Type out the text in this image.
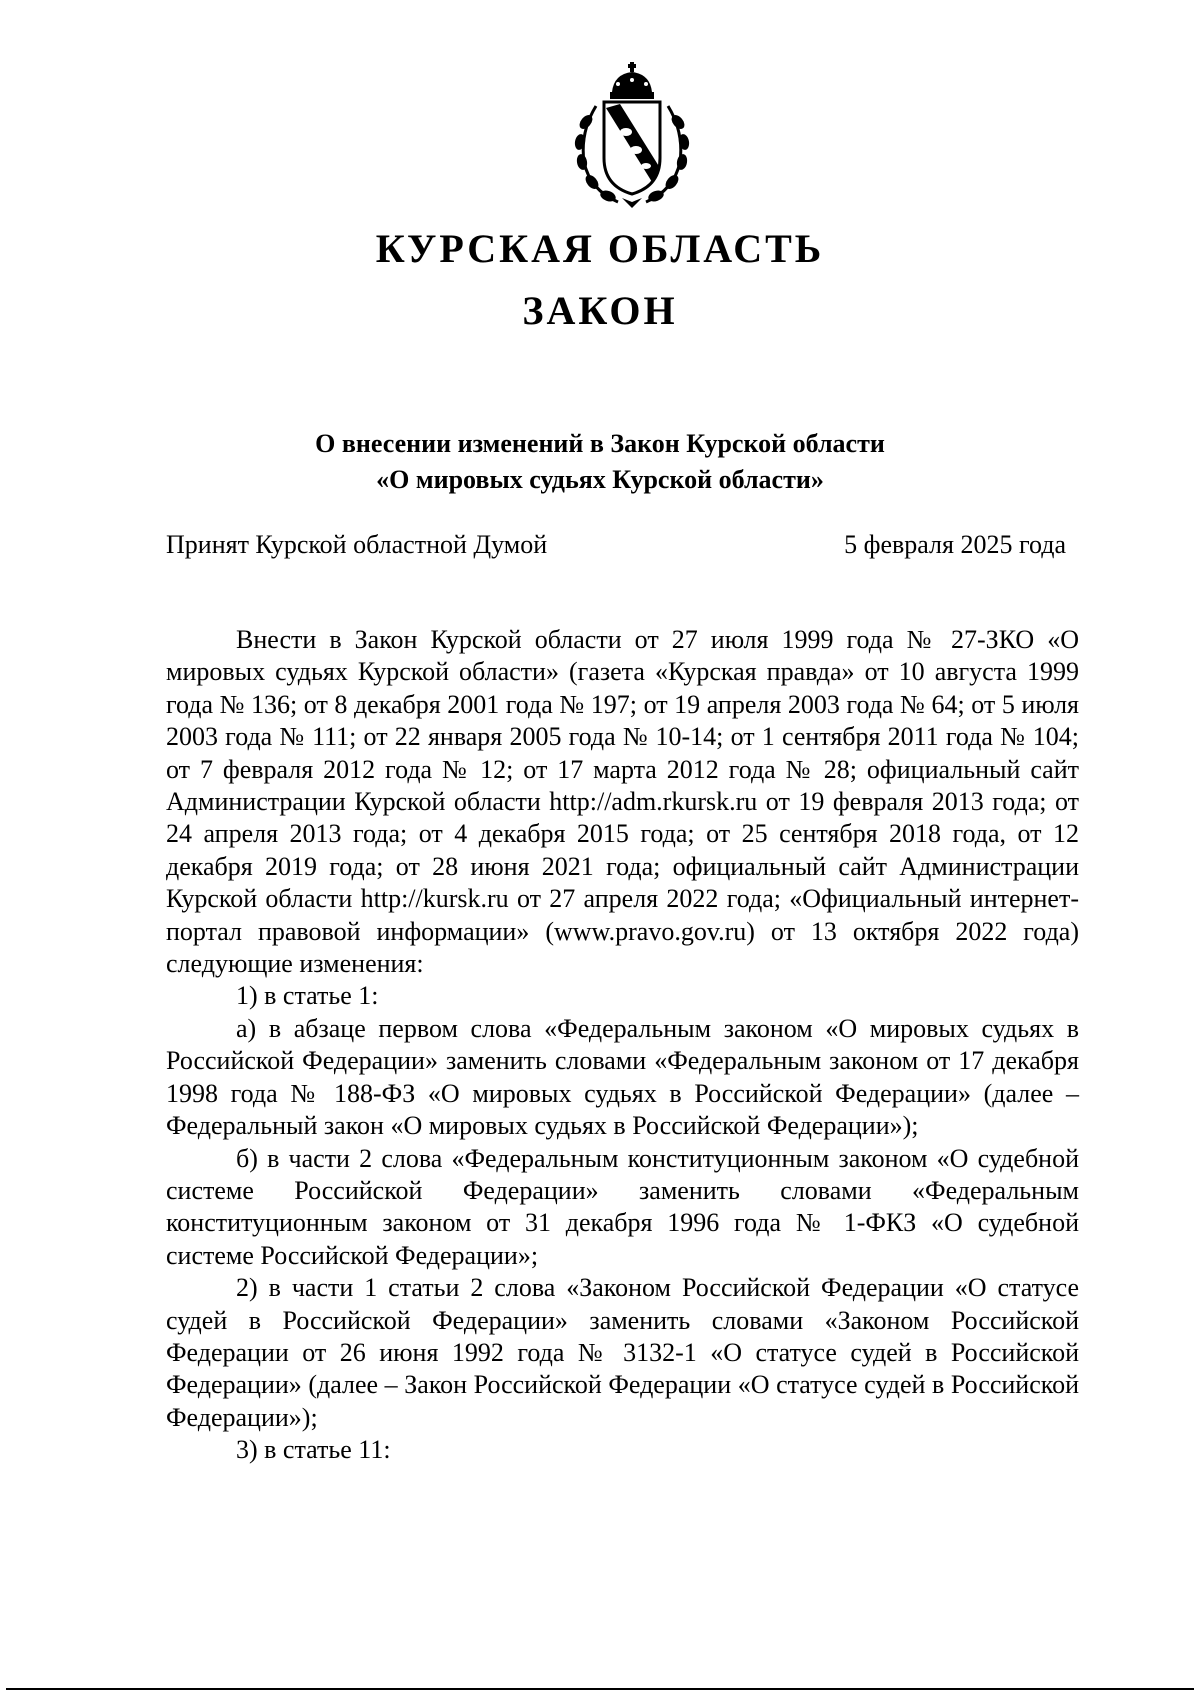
КУРСКАЯ ОБЛАСТЬ
ЗАКОН
О внесении изменений в Закон Курской области
«О мировых судьях Курской области»
Принят Курской областной Думой	5 февраля 2025 года

Внести в Закон Курской области от 27 июля 1999 года № 27-ЗКО «О мировых судьях Курской области» (газета «Курская правда» от 10 августа 1999 года № 136; от 8 декабря 2001 года № 197; от 19 апреля 2003 года № 64; от 5 июля 2003 года № 111; от 22 января 2005 года № 10-14; от 1 сентября 2011 года № 104; от 7 февраля 2012 года № 12; от 17 марта 2012 года № 28; официальный сайт Администрации Курской области http://adm.rkursk.ru от 19 февраля 2013 года; от 24 апреля 2013 года; от 4 декабря 2015 года; от 25 сентября 2018 года, от 12 декабря 2019 года; от 28 июня 2021 года; официальный сайт Администрации Курской области http://kursk.ru от 27 апреля 2022 года; «Официальный интернет-портал правовой информации» (www.pravo.gov.ru) от 13 октября 2022 года) следующие изменения:

1) в статье 1:

а) в абзаце первом слова «Федеральным законом «О мировых судьях в Российской Федерации» заменить словами «Федеральным законом от 17 декабря 1998 года № 188-ФЗ «О мировых судьях в Российской Федерации» (далее – Федеральный закон «О мировых судьях в Российской Федерации»);

б) в части 2 слова «Федеральным конституционным законом «О судебной системе Российской Федерации» заменить словами «Федеральным конституционным законом от 31 декабря 1996 года № 1-ФКЗ «О судебной системе Российской Федерации»;

2) в части 1 статьи 2 слова «Законом Российской Федерации «О статусе судей в Российской Федерации» заменить словами «Законом Российской Федерации от 26 июня 1992 года № 3132-1 «О статусе судей в Российской Федерации» (далее – Закон Российской Федерации «О статусе судей в Российской Федерации»);

3) в статье 11:
